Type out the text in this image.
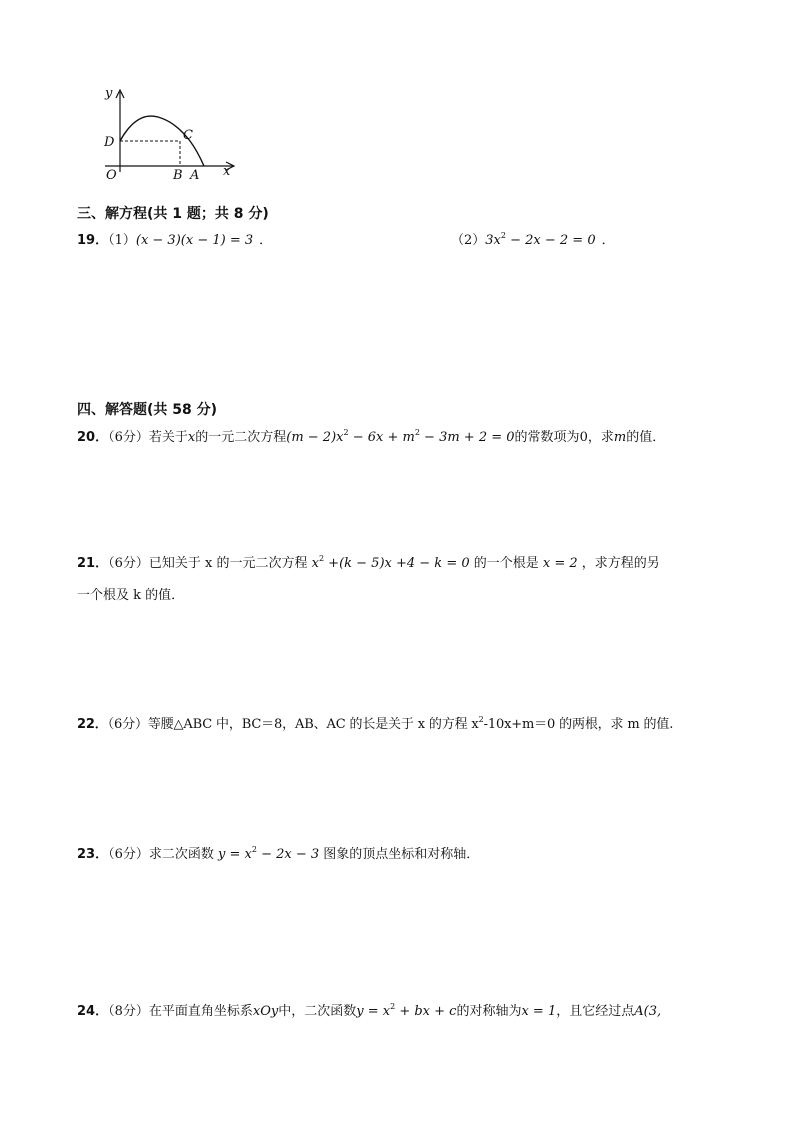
y
x
D	C
O	B A
三、解方程(共 1 题；共 8 分)
19．（1）(x − 3)(x − 1) = 3 ．	$(2)3x^2 - 2x - 2 = 0$ ．
四、解答题(共 58 分)
20．（6分）若关于x的一元二次方程$(m - 2)x^2 - 6x + m^2 - 3m + 2 = 0$的常数项为0，求m的值．
21．（6分）已知关于 x 的一元二次方程 $x^2 +(k - 5)x +4 - k = 0$ 的一个根是 x = 2 ，求方程的另
一个根及 k 的值．
22．（6分）等腰△ABC 中，BC＝8，AB、AC 的长是关于 x 的方程 $x^2-10x+m=0$ 的两根，求 m 的值.
23．（6分）求二次函数 $y = x^2 - 2x - 3$ 图象的顶点坐标和对称轴．
24．（8分）在平面直角坐标系xOy中，二次函数$y = x^2$ + bx + c的对称轴为x = 1，且它经过点A(3,
